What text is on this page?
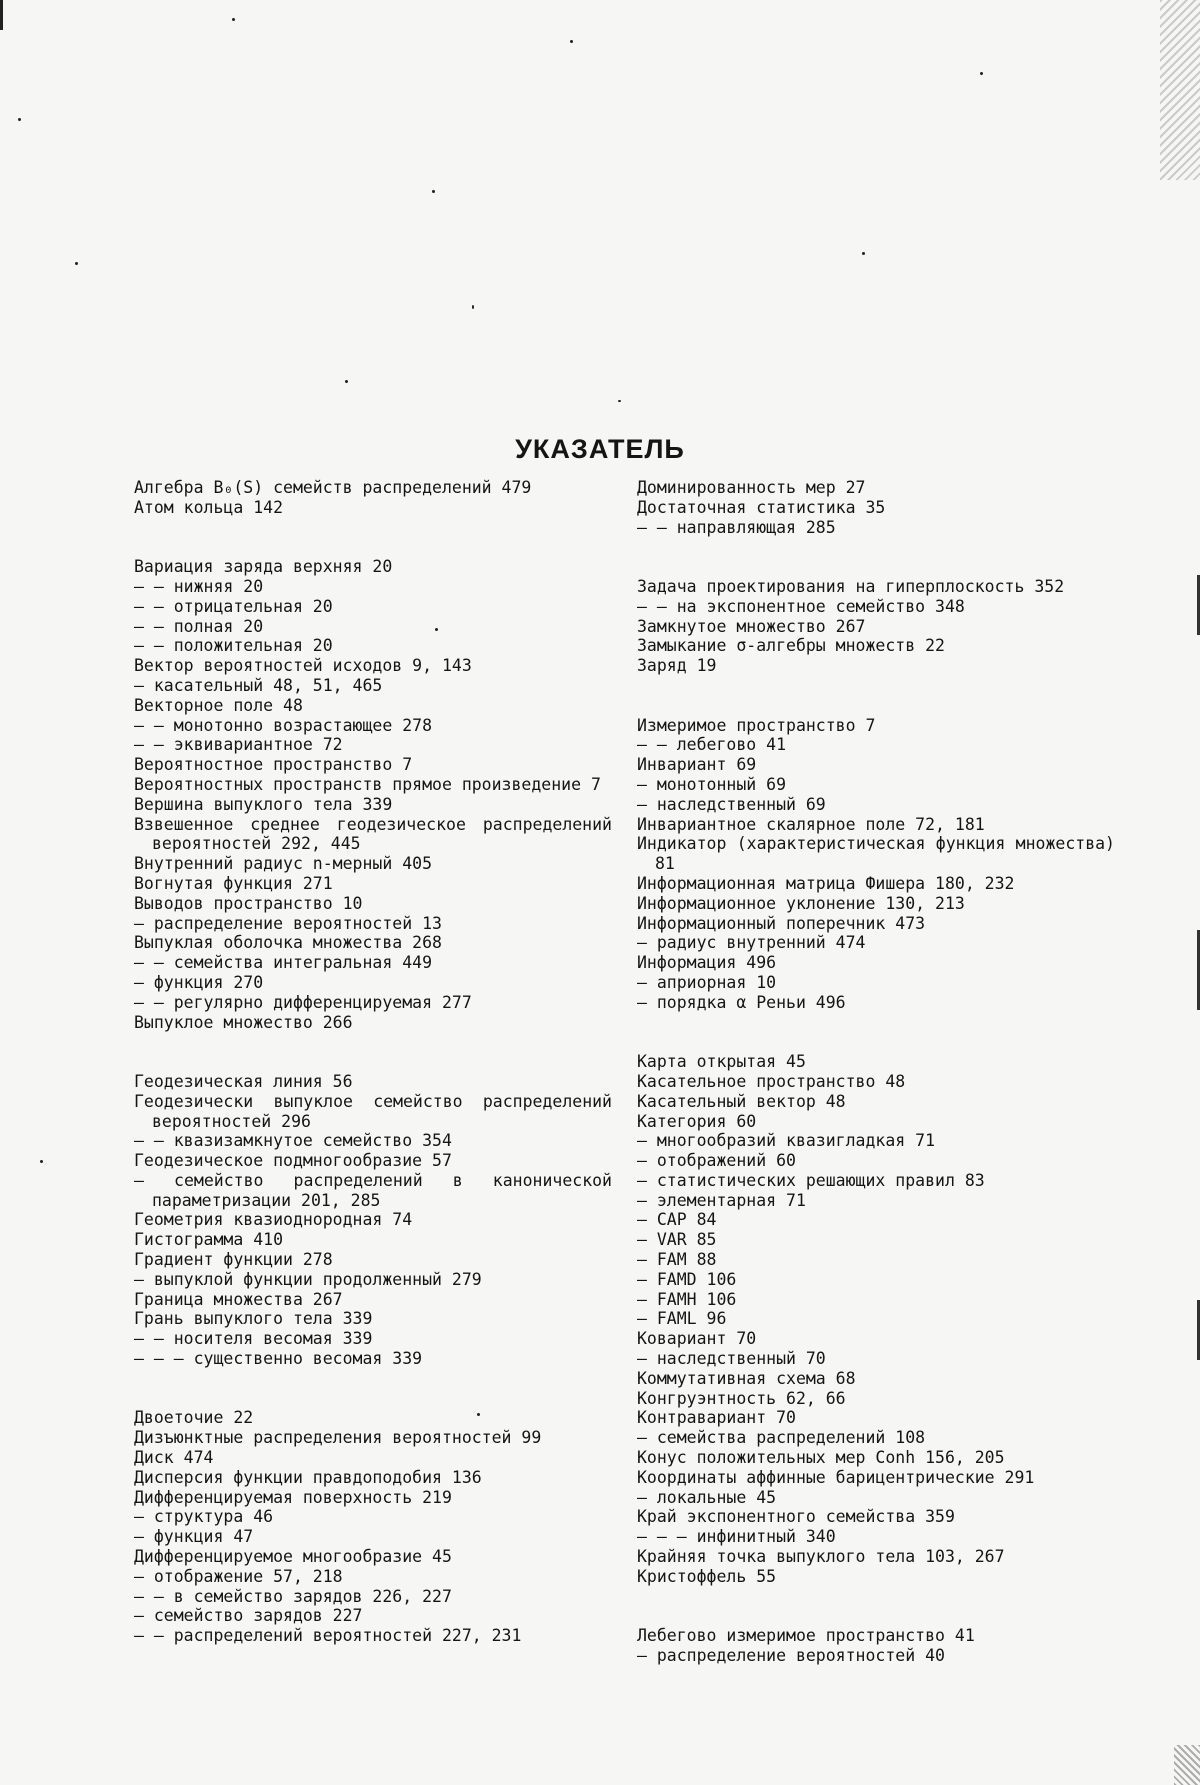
УКАЗАТЕЛЬ
Алгебра B₀(S) семейств распределений 479
Атом кольца 142
Вариация заряда верхняя 20
— — нижняя 20
— — отрицательная 20
— — полная 20
— — положительная 20
Вектор вероятностей исходов 9, 143
— касательный 48, 51, 465
Векторное поле 48
— — монотонно возрастающее 278
— — эквивариантное 72
Вероятностное пространство 7
Вероятностных пространств прямое произведение 7
Вершина выпуклого тела 339
Взвешенное среднее геодезическое распределений вероятностей 292, 445
Внутренний радиус n-мерный 405
Вогнутая функция 271
Выводов пространство 10
— распределение вероятностей 13
Выпуклая оболочка множества 268
— — семейства интегральная 449
— функция 270
— — регулярно дифференцируемая 277
Выпуклое множество 266
Геодезическая линия 56
Геодезически выпуклое семейство распределений вероятностей 296
— — квазизамкнутое семейство 354
Геодезическое подмногообразие 57
— семейство распределений в канонической параметризации 201, 285
Геометрия квазиоднородная 74
Гистограмма 410
Градиент функции 278
— выпуклой функции продолженный 279
Граница множества 267
Грань выпуклого тела 339
— — носителя весомая 339
— — — существенно весомая 339
Двоеточие 22
Дизъюнктные распределения вероятностей 99
Диск 474
Дисперсия функции правдоподобия 136
Дифференцируемая поверхность 219
— структура 46
— функция 47
Дифференцируемое многообразие 45
— отображение 57, 218
— — в семейство зарядов 226, 227
— семейство зарядов 227
— — распределений вероятностей 227, 231
Доминированность мер 27
Достаточная статистика 35
— — направляющая 285
Задача проектирования на гиперплоскость 352
— — на экспонентное семейство 348
Замкнутое множество 267
Замыкание σ-алгебры множеств 22
Заряд 19
Измеримое пространство 7
— — лебегово 41
Инвариант 69
— монотонный 69
— наследственный 69
Инвариантное скалярное поле 72, 181
Индикатор (характеристическая функция множества) 81
Информационная матрица Фишера 180, 232
Информационное уклонение 130, 213
Информационный поперечник 473
— радиус внутренний 474
Информация 496
— априорная 10
— порядка α Реньи 496
Карта открытая 45
Касательное пространство 48
Касательный вектор 48
Категория 60
— многообразий квазигладкая 71
— отображений 60
— статистических решающих правил 83
— элементарная 71
— CAP 84
— VAR 85
— FAM 88
— FAMD 106
— FAMH 106
— FAML 96
Ковариант 70
— наследственный 70
Коммутативная схема 68
Конгруэнтность 62, 66
Контравариант 70
— семейства распределений 108
Конус положительных мер Conh 156, 205
Координаты аффинные барицентрические 291
— локальные 45
Край экспонентного семейства 359
— — — инфинитный 340
Крайняя точка выпуклого тела 103, 267
Кристоффель 55
Лебегово измеримое пространство 41
— распределение вероятностей 40
